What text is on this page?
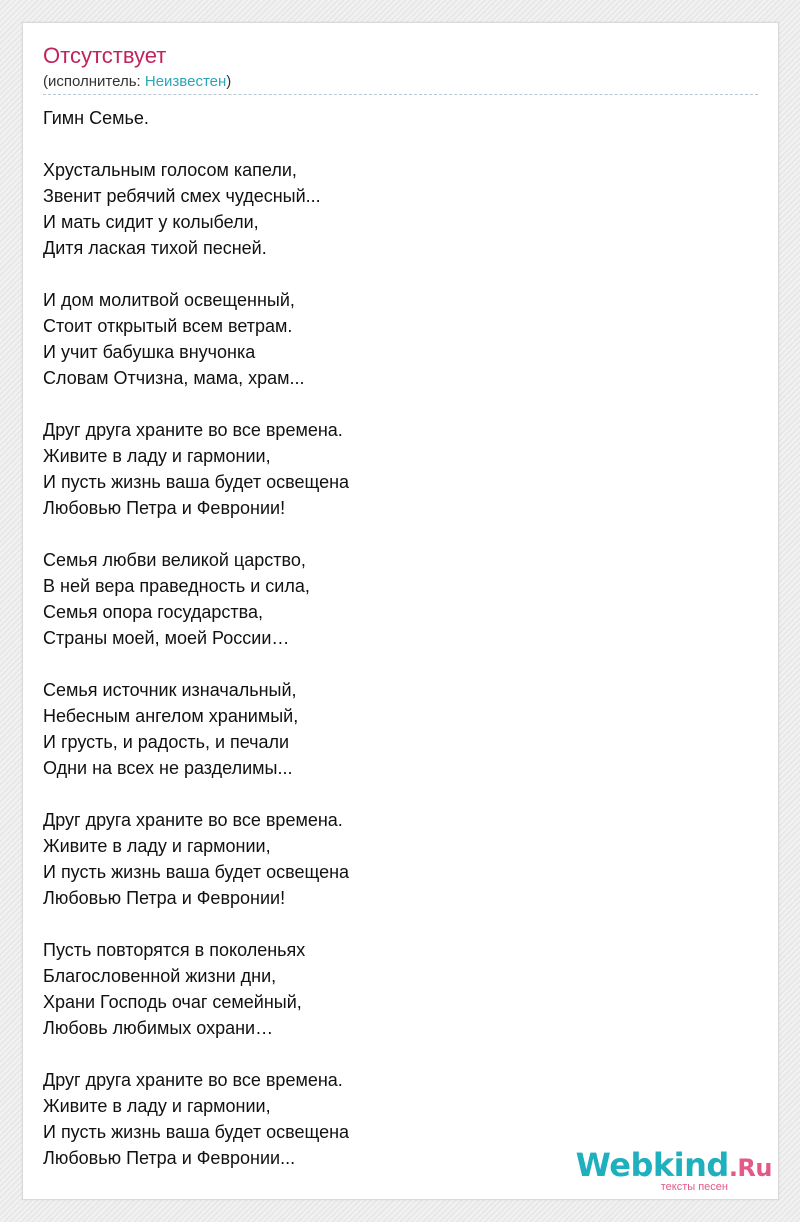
Отсутствует
(исполнитель: Неизвестен)
Гимн Семье.
Хрустальным голосом капели,
Звенит ребячий смех чудесный...
И мать сидит у колыбели,
Дитя лаская тихой песней.
И дом молитвой освещенный,
Стоит открытый всем ветрам.
И учит бабушка внучонка
Словам Отчизна, мама, храм...
Друг друга храните во все времена.
Живите в ладу и гармонии,
И пусть жизнь ваша будет освещена
Любовью Петра и Февронии!
Семья любви великой царство,
В ней вера праведность и сила,
Семья опора государства,
Страны моей, моей России…
Семья источник изначальный,
Небесным ангелом хранимый,
И грусть, и радость, и печали
Одни на всех не разделимы...
Друг друга храните во все времена.
Живите в ладу и гармонии,
И пусть жизнь ваша будет освещена
Любовью Петра и Февронии!
Пусть повторятся в поколеньях
Благословенной жизни дни,
Храни Господь очаг семейный,
Любовь любимых охрани…
Друг друга храните во все времена.
Живите в ладу и гармонии,
И пусть жизнь ваша будет освещена
Любовью Петра и Февронии...	Webkind.Ru
тексты песен
